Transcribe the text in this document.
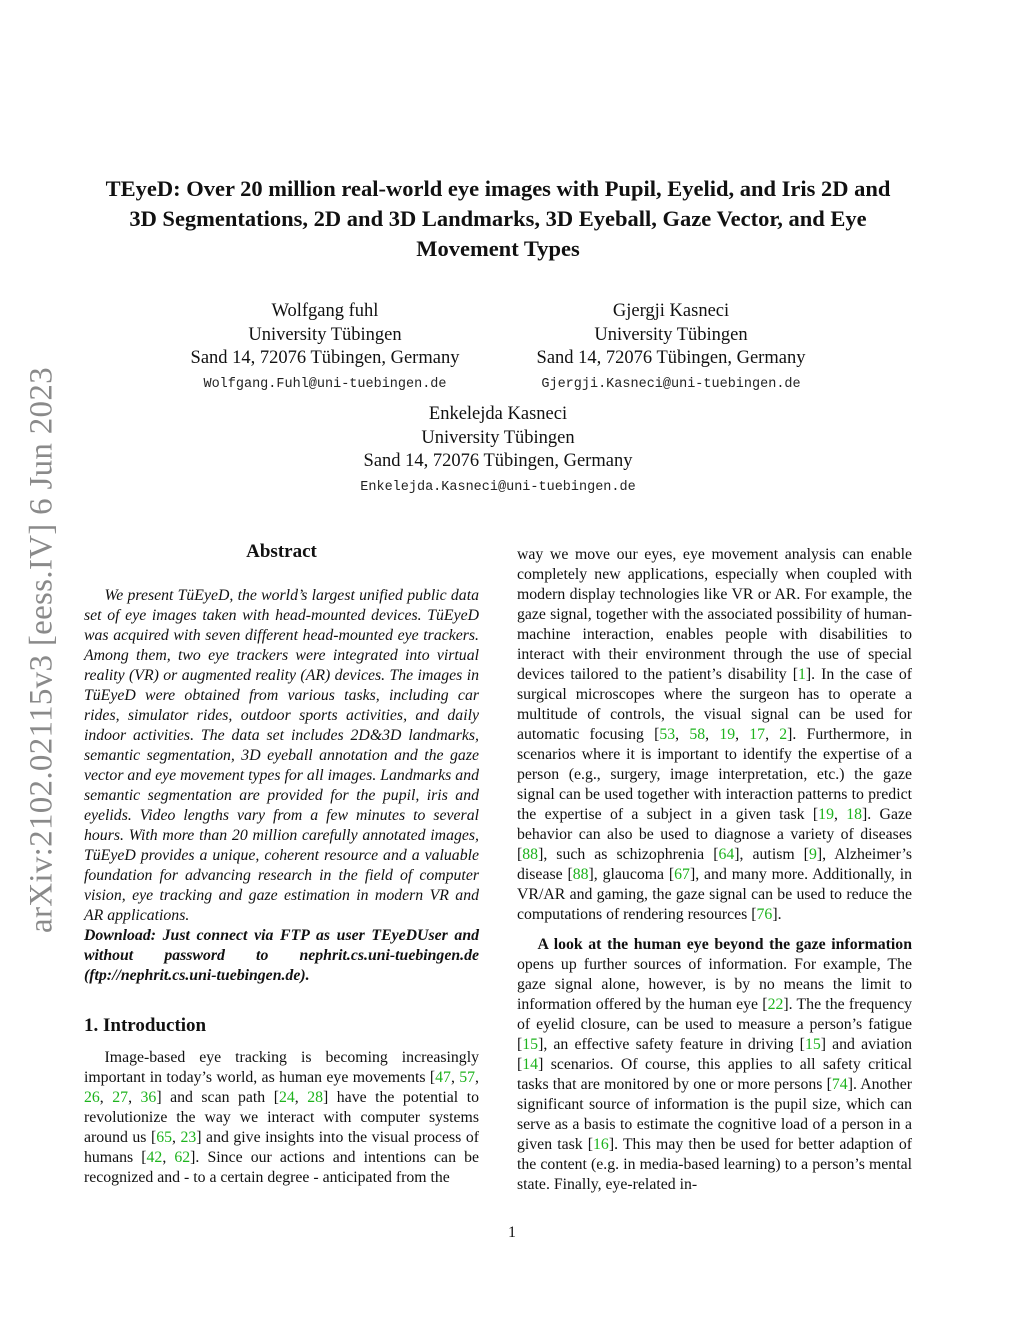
arXiv:2102.02115v3 [eess.IV] 6 Jun 2023
TEyeD: Over 20 million real-world eye images with Pupil, Eyelid, and Iris 2D and 3D Segmentations, 2D and 3D Landmarks, 3D Eyeball, Gaze Vector, and Eye Movement Types
Wolfgang fuhl
University Tübingen
Sand 14, 72076 Tübingen, Germany
Wolfgang.Fuhl@uni-tuebingen.de
Gjergji Kasneci
University Tübingen
Sand 14, 72076 Tübingen, Germany
Gjergji.Kasneci@uni-tuebingen.de
Enkelejda Kasneci
University Tübingen
Sand 14, 72076 Tübingen, Germany
Enkelejda.Kasneci@uni-tuebingen.de
Abstract

We present TüEyeD, the world’s largest unified public data set of eye images taken with head-mounted devices. TüEyeD was acquired with seven different head-mounted eye trackers. Among them, two eye trackers were integrated into virtual reality (VR) or augmented reality (AR) devices. The images in TüEyeD were obtained from various tasks, including car rides, simulator rides, outdoor sports activities, and daily indoor activities. The data set includes 2D&3D landmarks, semantic segmentation, 3D eyeball annotation and the gaze vector and eye movement types for all images. Landmarks and semantic segmentation are provided for the pupil, iris and eyelids. Video lengths vary from a few minutes to several hours. With more than 20 million carefully annotated images, TüEyeD provides a unique, coherent resource and a valuable foundation for advancing research in the field of computer vision, eye tracking and gaze estimation in modern VR and AR applications.

Download: Just connect via FTP as user TEyeDUser and without password to nephrit.cs.uni-tuebingen.de (ftp://nephrit.cs.uni-tuebingen.de).

1. Introduction

Image-based eye tracking is becoming increasingly important in today’s world, as human eye movements [47, 57, 26, 27, 36] and scan path [24, 28] have the potential to revolutionize the way we interact with computer systems around us [65, 23] and give insights into the visual process of humans [42, 62]. Since our actions and intentions can be recognized and - to a certain degree - anticipated from the

way we move our eyes, eye movement analysis can enable completely new applications, especially when coupled with modern display technologies like VR or AR. For example, the gaze signal, together with the associated possibility of human-machine interaction, enables people with disabilities to interact with their environment through the use of special devices tailored to the patient’s disability [1]. In the case of surgical microscopes where the surgeon has to operate a multitude of controls, the visual signal can be used for automatic focusing [53, 58, 19, 17, 2]. Furthermore, in scenarios where it is important to identify the expertise of a person (e.g., surgery, image interpretation, etc.) the gaze signal can be used together with interaction patterns to predict the expertise of a subject in a given task [19, 18]. Gaze behavior can also be used to diagnose a variety of diseases [88], such as schizophrenia [64], autism [9], Alzheimer’s disease [88], glaucoma [67], and many more. Additionally, in VR/AR and gaming, the gaze signal can be used to reduce the computations of rendering resources [76].

A look at the human eye beyond the gaze information opens up further sources of information. For example, The gaze signal alone, however, is by no means the limit to information offered by the human eye [22]. The the frequency of eyelid closure, can be used to measure a person’s fatigue [15], an effective safety feature in driving [15] and aviation [14] scenarios. Of course, this applies to all safety critical tasks that are monitored by one or more persons [74]. Another significant source of information is the pupil size, which can serve as a basis to estimate the cognitive load of a person in a given task [16]. This may then be used for better adaption of the content (e.g. in media-based learning) to a person’s mental state. Finally, eye-related in-

1
